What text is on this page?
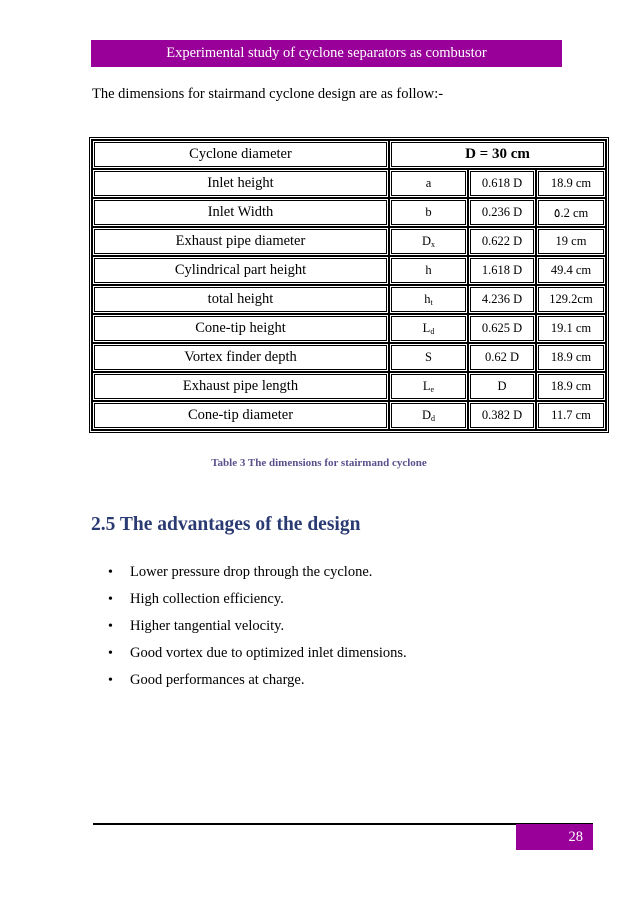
Experimental study of cyclone separators as combustor
The dimensions for stairmand cyclone design are as follow:-
Cyclone diameter	D = 30 cm		
Inlet height	a	0.618 D	18.9 cm
Inlet Width	b	0.236 D	٥.2 cm
Exhaust pipe diameter	$D_x$	0.622 D	19 cm
Cylindrical part height	h	1.618 D	49.4 cm
total height	$h_t$	4.236 D	129.2cm
Cone-tip height	$L_d$	0.625 D	19.1 cm
Vortex finder depth	S	0.62 D	18.9 cm
Exhaust pipe length	$L_e$	D	18.9 cm
Cone-tip diameter	$D_d$	0.382 D	11.7 cm
Table 3 The dimensions for stairmand cyclone
2.5 The advantages of the design
•	Lower pressure drop through the cyclone.
•	High collection efficiency.
•	Higher tangential velocity.
•	Good vortex due to optimized inlet dimensions.
•	Good performances at charge.
28
